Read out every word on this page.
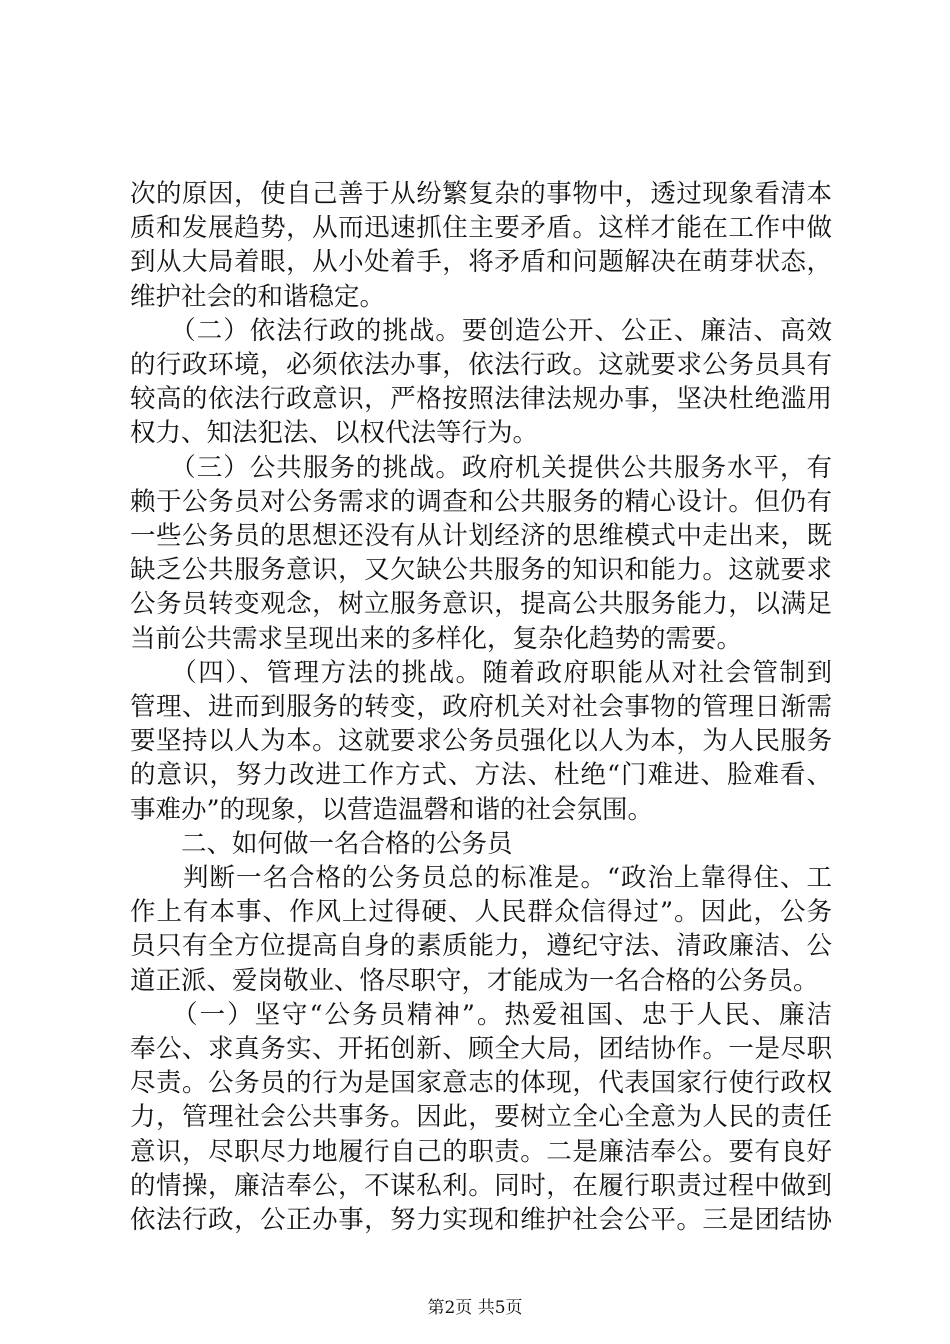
次的原因，使自己善于从纷繁复杂的事物中，透过现象看清本
质和发展趋势，从而迅速抓住主要矛盾。这样才能在工作中做
到从大局着眼，从小处着手，将矛盾和问题解决在萌芽状态，
维护社会的和谐稳定。
　　（二）依法行政的挑战。要创造公开、公正、廉洁、高效
的行政环境，必须依法办事，依法行政。这就要求公务员具有
较高的依法行政意识，严格按照法律法规办事，坚决杜绝滥用
权力、知法犯法、以权代法等行为。
　　（三）公共服务的挑战。政府机关提供公共服务水平，有
赖于公务员对公务需求的调查和公共服务的精心设计。但仍有
一些公务员的思想还没有从计划经济的思维模式中走出来，既
缺乏公共服务意识，又欠缺公共服务的知识和能力。这就要求
公务员转变观念，树立服务意识，提高公共服务能力，以满足
当前公共需求呈现出来的多样化，复杂化趋势的需要。
　　（四）、管理方法的挑战。随着政府职能从对社会管制到
管理、进而到服务的转变，政府机关对社会事物的管理日渐需
要坚持以人为本。这就要求公务员强化以人为本，为人民服务
的意识，努力改进工作方式、方法、杜绝“门难进、脸难看、
事难办”的现象，以营造温磬和谐的社会氛围。
　　二、如何做一名合格的公务员
　　判断一名合格的公务员总的标准是。“政治上靠得住、工
作上有本事、作风上过得硬、人民群众信得过”。因此，公务
员只有全方位提高自身的素质能力，遵纪守法、清政廉洁、公
道正派、爱岗敬业、恪尽职守，才能成为一名合格的公务员。
　　（一）坚守“公务员精神”。热爱祖国、忠于人民、廉洁
奉公、求真务实、开拓创新、顾全大局，团结协作。一是尽职
尽责。公务员的行为是国家意志的体现，代表国家行使行政权
力，管理社会公共事务。因此，要树立全心全意为人民的责任
意识，尽职尽力地履行自己的职责。二是廉洁奉公。要有良好
的情操，廉洁奉公，不谋私利。同时，在履行职责过程中做到
依法行政，公正办事，努力实现和维护社会公平。三是团结协
第2页 共5页
